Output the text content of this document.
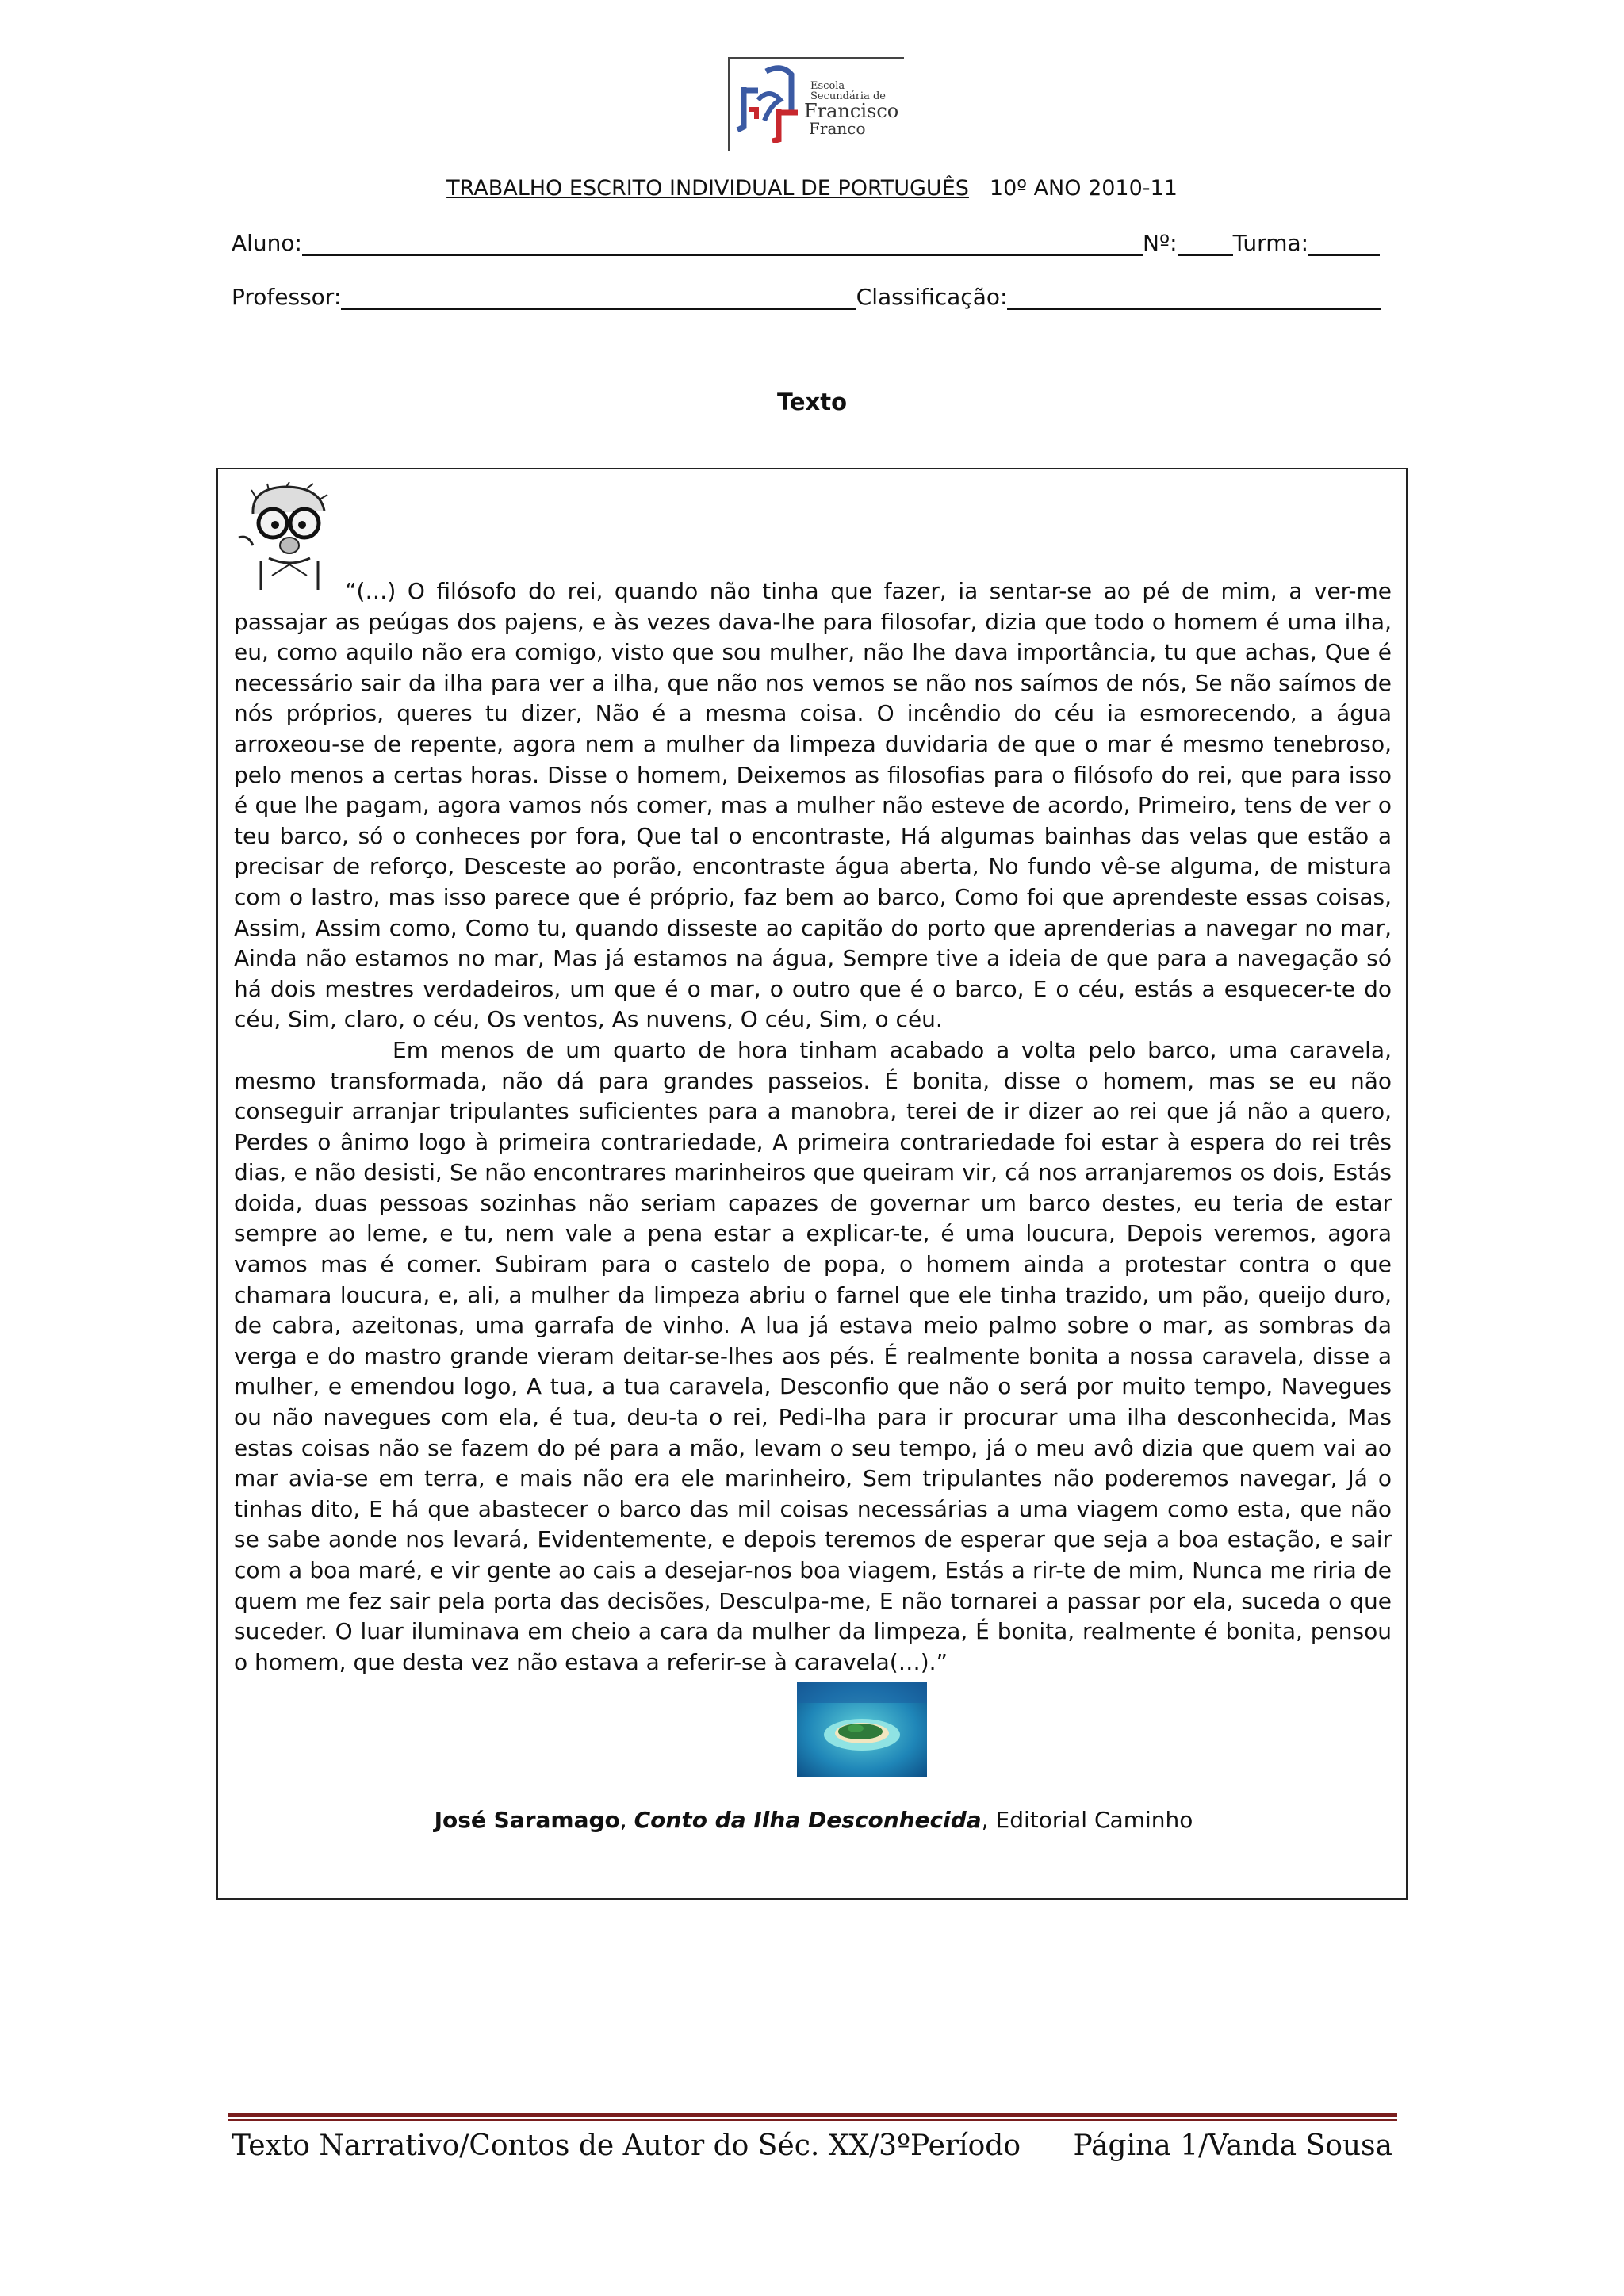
Escola Secundária de
Francisco
Franco
TRABALHO ESCRITO INDIVIDUAL DE PORTUGUÊS 10º ANO 2010-11
Aluno:	Nº:	Turma:
Professor:	Classificação:
Texto

“(…) O filósofo do rei, quando não tinha que fazer, ia sentar-se ao pé de mim, a ver-me passajar as peúgas dos pajens, e às vezes dava-lhe para filosofar, dizia que todo o homem é uma ilha, eu, como aquilo não era comigo, visto que sou mulher, não lhe dava importância, tu que achas, Que é necessário sair da ilha para ver a ilha, que não nos vemos se não nos saímos de nós, Se não saímos de nós próprios, queres tu dizer, Não é a mesma coisa. O incêndio do céu ia esmorecendo, a água arroxeou-se de repente, agora nem a mulher da limpeza duvidaria de que o mar é mesmo tenebroso, pelo menos a certas horas. Disse o homem, Deixemos as filosofias para o filósofo do rei, que para isso é que lhe pagam, agora vamos nós comer, mas a mulher não esteve de acordo, Primeiro, tens de ver o teu barco, só o conheces por fora, Que tal o encontraste, Há algumas bainhas das velas que estão a precisar de reforço, Desceste ao porão, encontraste água aberta, No fundo vê-se alguma, de mistura com o lastro, mas isso parece que é próprio, faz bem ao barco, Como foi que aprendeste essas coisas, Assim, Assim como, Como tu, quando disseste ao capitão do porto que aprenderias a navegar no mar, Ainda não estamos no mar, Mas já estamos na água, Sempre tive a ideia de que para a navegação só há dois mestres verdadeiros, um que é o mar, o outro que é o barco, E o céu, estás a esquecer-te do céu, Sim, claro, o céu, Os ventos, As nuvens, O céu, Sim, o céu.

Em menos de um quarto de hora tinham acabado a volta pelo barco, uma caravela, mesmo transformada, não dá para grandes passeios. É bonita, disse o homem, mas se eu não conseguir arranjar tripulantes suficientes para a manobra, terei de ir dizer ao rei que já não a quero, Perdes o ânimo logo à primeira contrariedade, A primeira contrariedade foi estar à espera do rei três dias, e não desisti, Se não encontrares marinheiros que queiram vir, cá nos arranjaremos os dois, Estás doida, duas pessoas sozinhas não seriam capazes de governar um barco destes, eu teria de estar sempre ao leme, e tu, nem vale a pena estar a explicar-te, é uma loucura, Depois veremos, agora vamos mas é comer. Subiram para o castelo de popa, o homem ainda a protestar contra o que chamara loucura, e, ali, a mulher da limpeza abriu o farnel que ele tinha trazido, um pão, queijo duro, de cabra, azeitonas, uma garrafa de vinho. A lua já estava meio palmo sobre o mar, as sombras da verga e do mastro grande vieram deitar-se-lhes aos pés. É realmente bonita a nossa caravela, disse a mulher, e emendou logo, A tua, a tua caravela, Desconfio que não o será por muito tempo, Navegues ou não navegues com ela, é tua, deu-ta o rei, Pedi-lha para ir procurar uma ilha desconhecida, Mas estas coisas não se fazem do pé para a mão, levam o seu tempo, já o meu avô dizia que quem vai ao mar avia-se em terra, e mais não era ele marinheiro, Sem tripulantes não poderemos navegar, Já o tinhas dito, E há que abastecer o barco das mil coisas necessárias a uma viagem como esta, que não se sabe aonde nos levará, Evidentemente, e depois teremos de esperar que seja a boa estação, e sair com a boa maré, e vir gente ao cais a desejar-nos boa viagem, Estás a rir-te de mim, Nunca me riria de quem me fez sair pela porta das decisões, Desculpa-me, E não tornarei a passar por ela, suceda o que suceder. O luar iluminava em cheio a cara da mulher da limpeza, É bonita, realmente é bonita, pensou o homem, que desta vez não estava a referir-se à caravela(…).”

José Saramago, Conto da Ilha Desconhecida, Editorial Caminho
Texto Narrativo/Contos de Autor do Séc. XX/3ºPeríodo Página 1/Vanda Sousa
